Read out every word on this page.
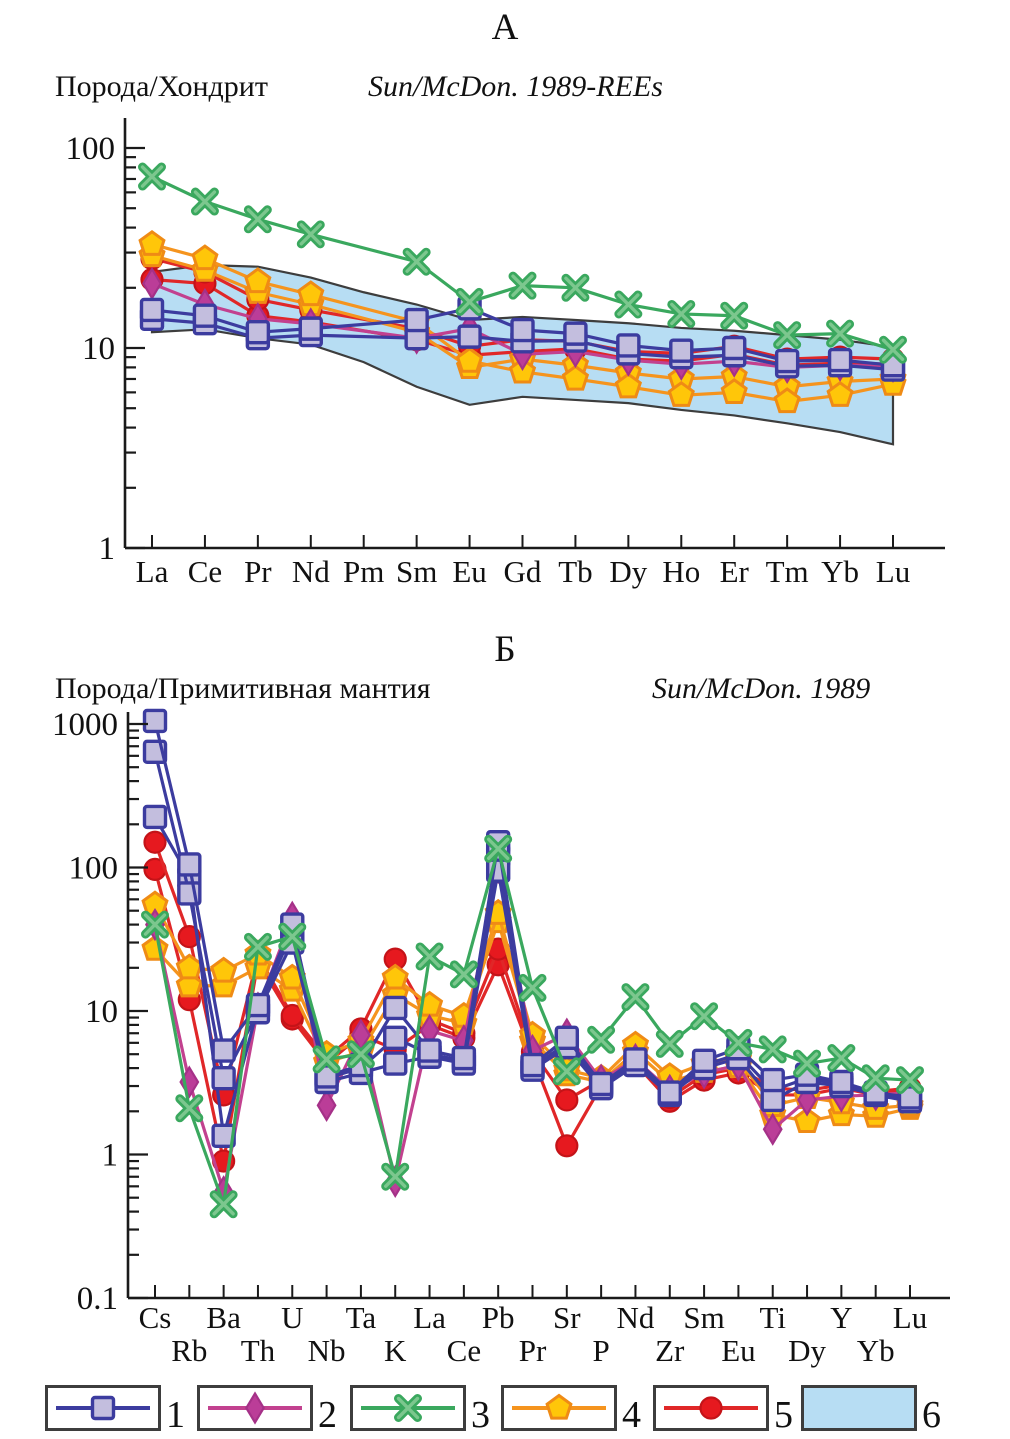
А
Порода/Хондрит	Sun/McDon. 1989-REEs
Б
Порода/Примитивная мантия	Sun/McDon. 1989
100
10
1
La Ce Pr Nd Pm Sm Eu Gd Tb Dy Ho Er Tm Yb Lu
1000
100
10
1
0.1
Cs
Rb
Ba
Th
U
Nb
Ta
K
La
Ce
Pb
Pr
Sr
P
Nd
Zr
Sm
Eu
Ti
Dy
Y
Yb
Lu
1	2	3	4	5	6
